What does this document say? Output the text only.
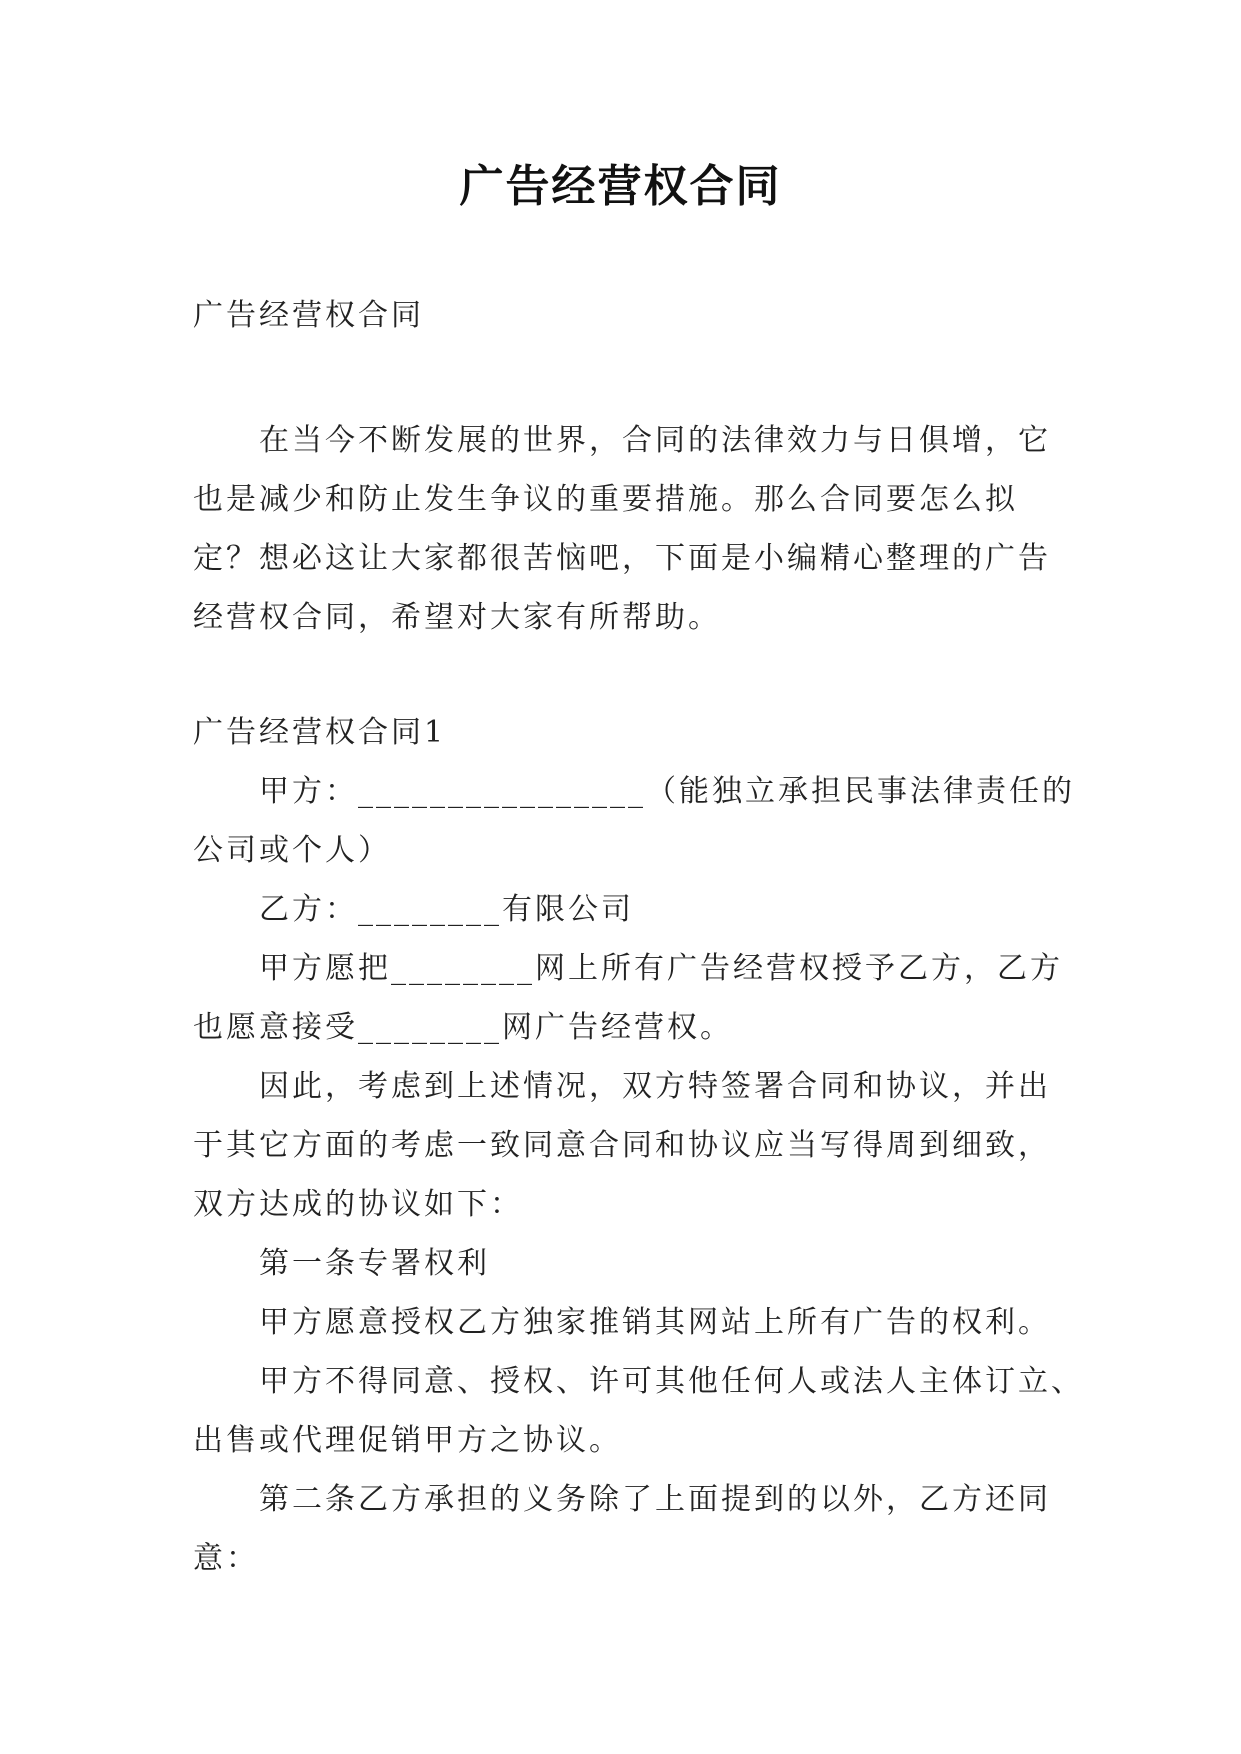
广告经营权合同
广告经营权合同
在当今不断发展的世界，合同的法律效力与日俱增，它
也是减少和防止发生争议的重要措施。那么合同要怎么拟
定？想必这让大家都很苦恼吧，下面是小编精心整理的广告
经营权合同，希望对大家有所帮助。
广告经营权合同1
甲方：________________（能独立承担民事法律责任的
公司或个人）
乙方：________有限公司
甲方愿把________网上所有广告经营权授予乙方，乙方
也愿意接受________网广告经营权。
因此，考虑到上述情况，双方特签署合同和协议，并出
于其它方面的考虑一致同意合同和协议应当写得周到细致，
双方达成的协议如下：
第一条专署权利
甲方愿意授权乙方独家推销其网站上所有广告的权利。
甲方不得同意、授权、许可其他任何人或法人主体订立、
出售或代理促销甲方之协议。
第二条乙方承担的义务除了上面提到的以外，乙方还同
意：
